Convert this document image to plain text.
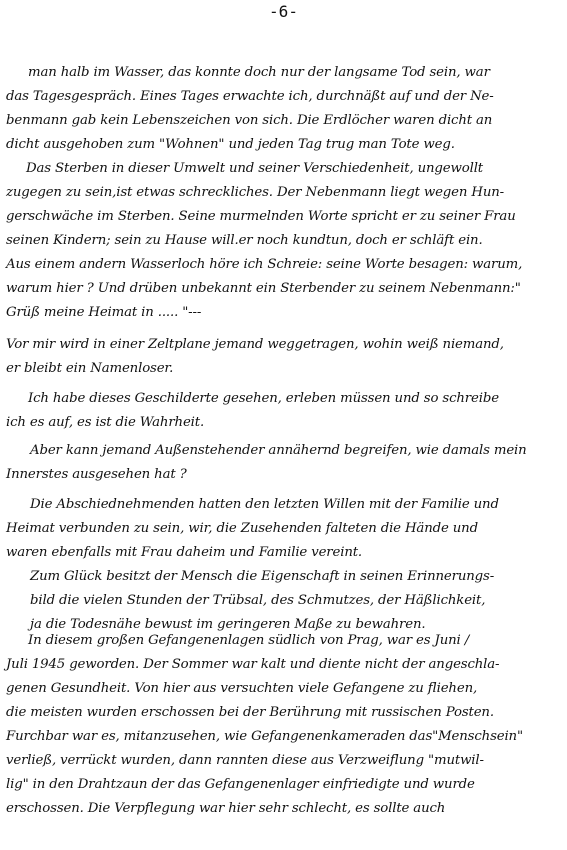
-6-
man halb im Wasser, das konnte doch nur der langsame Tod sein, war
das Tagesgespräch. Eines Tages erwachte ich, durchnäßt auf und der Ne-
benmann gab kein Lebenszeichen von sich. Die Erdlöcher waren dicht an
dicht ausgehoben zum "Wohnen" und jeden Tag trug man Tote weg.
Das Sterben in dieser Umwelt und seiner Verschiedenheit, ungewollt
zugegen zu sein,ist etwas schreckliches. Der Nebenmann liegt wegen Hun-
gerschwäche im Sterben. Seine murmelnden Worte spricht er zu seiner Frau
seinen Kindern; sein zu Hause will.er noch kundtun, doch er schläft ein.
Aus einem andern Wasserloch höre ich Schreie: seine Worte besagen: warum,
warum hier ? Und drüben unbekannt ein Sterbender zu seinem Nebenmann:"
Grüß meine Heimat in ..... "---
Vor mir wird in einer Zeltplane jemand weggetragen, wohin weiß niemand,
er bleibt ein Namenloser.
Ich habe dieses Geschilderte gesehen, erleben müssen und so schreibe
ich es auf, es ist die Wahrheit.
Aber kann jemand Außenstehender annähernd begreifen, wie damals mein
Innerstes ausgesehen hat ?
Die Abschiednehmenden hatten den letzten Willen mit der Familie und
Heimat verbunden zu sein, wir, die Zusehenden falteten die Hände und
waren ebenfalls mit Frau daheim und Familie vereint.
Zum Glück besitzt der Mensch die Eigenschaft in seinen Erinnerungs-
bild die vielen Stunden der Trübsal, des Schmutzes, der Häßlichkeit,
ja die Todesnähe bewust im geringeren Maße zu bewahren.
In diesem großen Gefangenenlagen südlich von Prag, war es Juni /
Juli 1945 geworden. Der Sommer war kalt und diente nicht der angeschla-
genen Gesundheit. Von hier aus versuchten viele Gefangene zu fliehen,
die meisten wurden erschossen bei der Berührung mit russischen Posten.
Furchbar war es, mitanzusehen, wie Gefangenenkameraden das"Menschsein"
verließ, verrückt wurden, dann rannten diese aus Verzweiflung "mutwil-
lig" in den Drahtzaun der das Gefangenenlager einfriedigte und wurde
erschossen. Die Verpflegung war hier sehr schlecht, es sollte auch
